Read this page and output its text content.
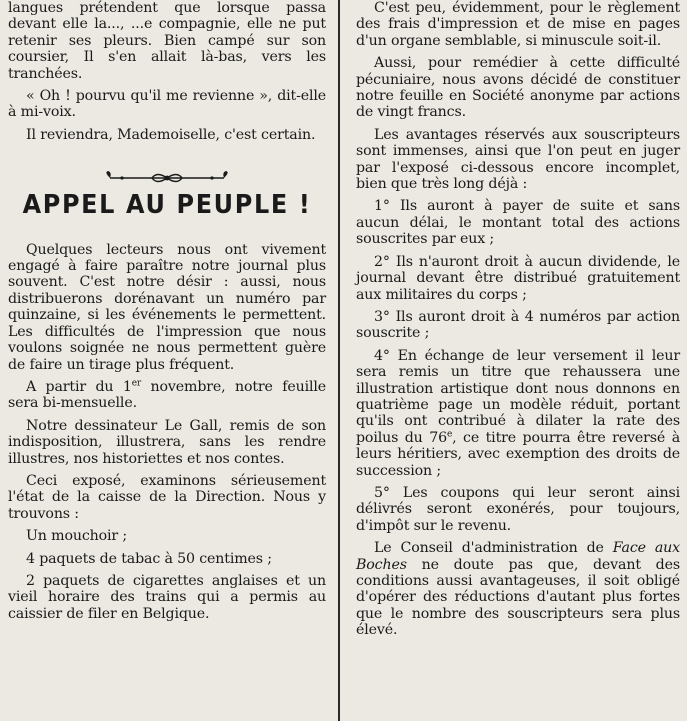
langues prétendent que lorsque passa devant elle la..., ...e compagnie, elle ne put retenir ses pleurs. Bien campé sur son coursier, Il s'en allait là-bas, vers les tranchées.

« Oh ! pourvu qu'il me revienne », dit-elle à mi-voix.

Il reviendra, Mademoiselle, c'est certain.

APPEL AU PEUPLE !

Quelques lecteurs nous ont vivement engagé à faire paraître notre journal plus souvent. C'est notre désir : aussi, nous distribuerons dorénavant un numéro par quinzaine, si les événements le permettent. Les difficultés de l'impression que nous voulons soignée ne nous permettent guère de faire un tirage plus fréquent.

A partir du 1er novembre, notre feuille sera bi-mensuelle.

Notre dessinateur Le Gall, remis de son indisposition, illustrera, sans les rendre illustres, nos historiettes et nos contes.

Ceci exposé, examinons sérieusement l'état de la caisse de la Direction. Nous y trouvons :

Un mouchoir ;

4 paquets de tabac à 50 centimes ;

2 paquets de cigarettes anglaises et un vieil horaire des trains qui a permis au caissier de filer en Belgique.

C'est peu, évidemment, pour le règlement des frais d'impression et de mise en pages d'un organe semblable, si minuscule soit-il.

Aussi, pour remédier à cette difficulté pécuniaire, nous avons décidé de constituer notre feuille en Société anonyme par actions de vingt francs.

Les avantages réservés aux souscripteurs sont immenses, ainsi que l'on peut en juger par l'exposé ci-dessous encore incomplet, bien que très long déjà :

1° Ils auront à payer de suite et sans aucun délai, le montant total des actions souscrites par eux ;

2° Ils n'auront droit à aucun dividende, le journal devant être distribué gratuitement aux militaires du corps ;

3° Ils auront droit à 4 numéros par action souscrite ;

4° En échange de leur versement il leur sera remis un titre que rehaussera une illustration artistique dont nous donnons en quatrième page un modèle réduit, portant qu'ils ont contribué à dilater la rate des poilus du 76e, ce titre pourra être reversé à leurs héritiers, avec exemption des droits de succession ;

5° Les coupons qui leur seront ainsi délivrés seront exonérés, pour toujours, d'impôt sur le revenu.

Le Conseil d'administration de Face aux Boches ne doute pas que, devant des conditions aussi avantageuses, il soit obligé d'opérer des réductions d'autant plus fortes que le nombre des souscripteurs sera plus élevé.
